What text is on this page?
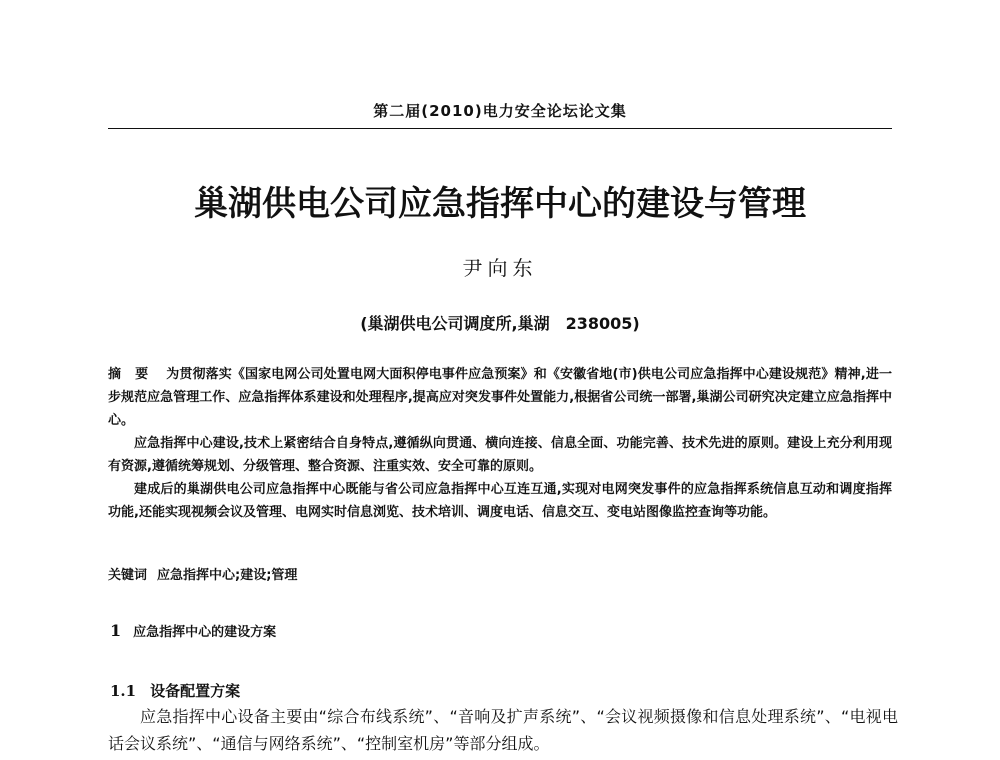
第二届(2010)电力安全论坛论文集
巢湖供电公司应急指挥中心的建设与管理
尹向东
(巢湖供电公司调度所,巢湖　238005)

摘要 为贯彻落实《国家电网公司处置电网大面积停电事件应急预案》和《安徽省地(市)供电公司应急指挥中心建设规范》精神,进一步规范应急管理工作、应急指挥体系建设和处理程序,提高应对突发事件处置能力,根据省公司统一部署,巢湖公司研究决定建立应急指挥中心。

应急指挥中心建设,技术上紧密结合自身特点,遵循纵向贯通、横向连接、信息全面、功能完善、技术先进的原则。建设上充分利用现有资源,遵循统筹规划、分级管理、整合资源、注重实效、安全可靠的原则。

建成后的巢湖供电公司应急指挥中心既能与省公司应急指挥中心互连互通,实现对电网突发事件的应急指挥系统信息互动和调度指挥功能,还能实现视频会议及管理、电网实时信息浏览、技术培训、调度电话、信息交互、变电站图像监控查询等功能。

关键词 应急指挥中心;建设;管理
1 应急指挥中心的建设方案
1.1 设备配置方案

应急指挥中心设备主要由“综合布线系统”、“音响及扩声系统”、“会议视频摄像和信息处理系统”、“电视电话会议系统”、“通信与网络系统”、“控制室机房”等部分组成。
